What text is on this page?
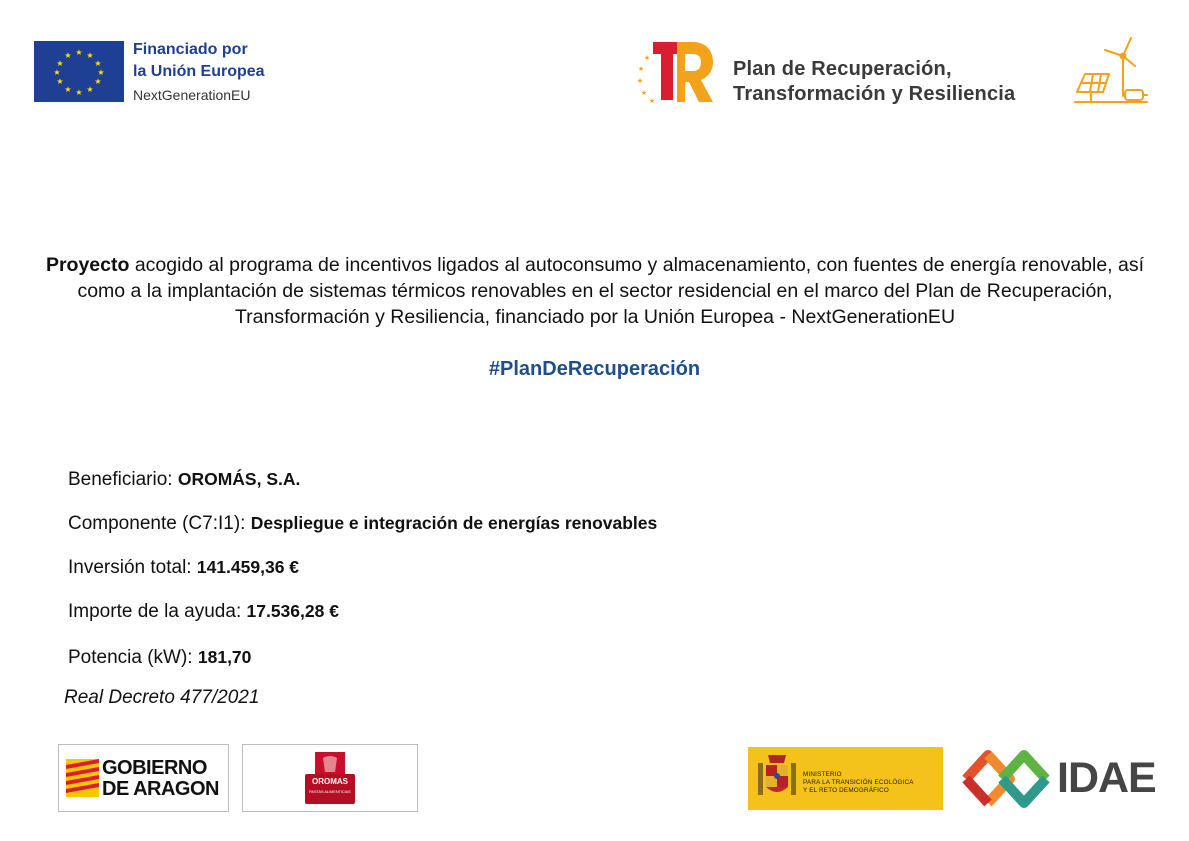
★ ★
★
★
★
★
★
★
★
★
★
★	Financiado por
la Unión Europea
NextGenerationEU
★
★
★
★
★
Plan de Recuperación,
Transformación y Resiliencia
Proyecto acogido al programa de incentivos ligados al autoconsumo y almacenamiento, con fuentes de energía renovable, así como a la implantación de sistemas térmicos renovables en el sector residencial en el marco del Plan de Recuperación, Transformación y Resiliencia, financiado por la Unión Europea - NextGenerationEU
#PlanDeRecuperación
Beneficiario: OROMÁS, S.A.
Componente (C7:I1): Despliegue e integración de energías renovables
Inversión total: 141.459,36 €
Importe de la ayuda: 17.536,28 €
Potencia (kW): 181,70
Real Decreto 477/2021
GOBIERNO
DE ARAGON	OROMAS
PASTAS ALIMENTICIAS
MINISTERIO
PARA LA TRANSICIÓN ECOLÓGICA
Y EL RETO DEMOGRÁFICO	IDAE
